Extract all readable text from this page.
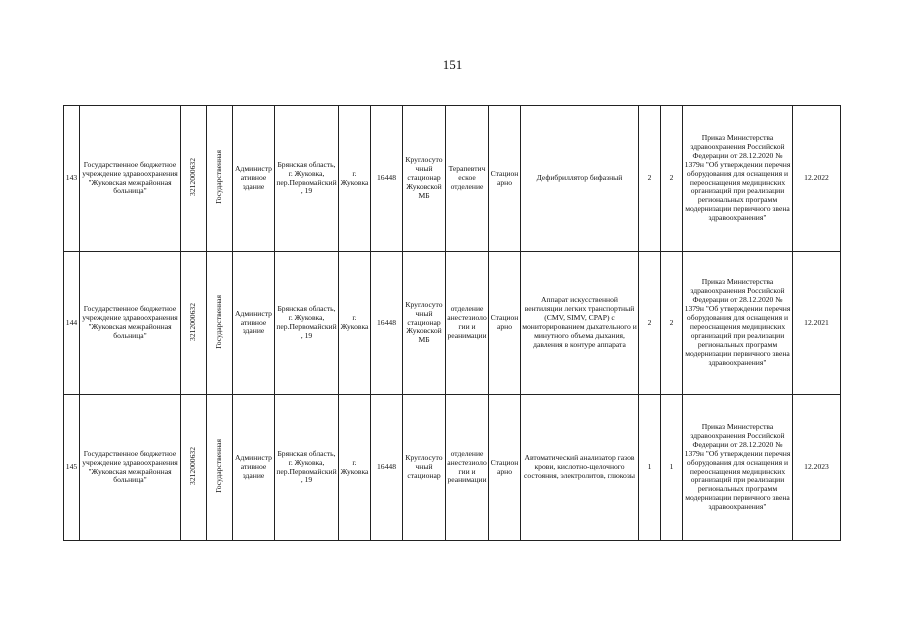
151
143	Государственное бюджетное учреждение здравоохранения "Жуковская межрайонная больница"	3212000632	Государственная	Административное здание	Брянская область, г. Жуковка, пер.Первомайский, 19	г. Жуковка	16448	Круглосуточный стационар Жуковской МБ	Терапевтическое отделение	Стационарно	Дефибриллятор бифазный	2	2	Приказ Министерства здравоохранения Российской Федерации от 28.12.2020 № 1379н "Об утверждении перечня оборудования для оснащения и переоснащения медицинских организаций при реализации региональных программ модернизации первичного звена здравоохранения"	12.2022
144	Государственное бюджетное учреждение здравоохранения "Жуковская межрайонная больница"	3212000632	Государственная	Административное здание	Брянская область, г. Жуковка, пер.Первомайский, 19	г. Жуковка	16448	Круглосуточный стационар Жуковской МБ	отделение анестезиологии и реанимации	Стационарно	Аппарат искусственной вентиляции легких транспортный (CMV, SIMV, CPAP) с мониторированием дыхательного и минутного объема дыхания, давления в контуре аппарата	2	2	Приказ Министерства здравоохранения Российской Федерации от 28.12.2020 № 1379н "Об утверждении перечня оборудования для оснащения и переоснащения медицинских организаций при реализации региональных программ модернизации первичного звена здравоохранения"	12.2021
145	Государственное бюджетное учреждение здравоохранения "Жуковская межрайонная больница"	3212000632	Государственная	Административное здание	Брянская область, г. Жуковка, пер.Первомайский, 19	г. Жуковка	16448	Круглосуточный стационар	отделение анестезиологии и реанимации	Стационарно	Автоматический анализатор газов крови, кислотно-щелочного состояния, электролитов, глюкозы	1	1	Приказ Министерства здравоохранения Российской Федерации от 28.12.2020 № 1379н "Об утверждении перечня оборудования для оснащения и переоснащения медицинских организаций при реализации региональных программ модернизации первичного звена здравоохранения"	12.2023
